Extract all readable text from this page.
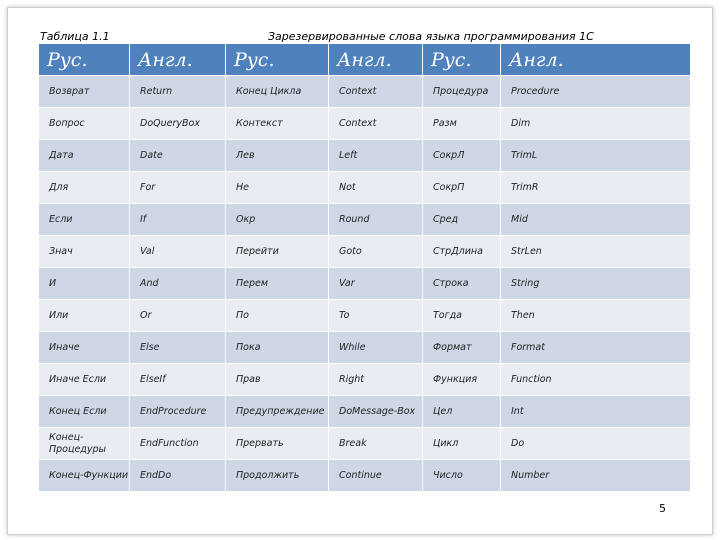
Таблица 1.1	Зарезервированные слова языка программирования 1С
Рус.	Англ.	Рус.	Англ.	Рус.	Англ.
Возврат	Return	Конец Цикла	Context	Процедура	Procedure
Вопрос	DoQueryBox	Контекст	Context	Разм	Dim
Дата	Date	Лев	Left	СокрЛ	TrimL
Для	For	Не	Not	СокрП	TrimR
Если	If	Окр	Round	Сред	Mid
Знач	Val	Перейти	Goto	СтрДлина	StrLen
И	And	Перем	Var	Строка	String
Или	Or	По	To	Тогда	Then
Иначе	Else	Пока	While	Формат	Format
Иначе Если	ElseIf	Прав	Right	Функция	Function
Конец Если	EndProcedure	Предупреждение	DoMessage-Box	Цел	Int
Конец-Процедуры	EndFunction	Прервать	Break	Цикл	Do
Конец-Функции	EndDo	Продолжить	Continue	Число	Number
5
